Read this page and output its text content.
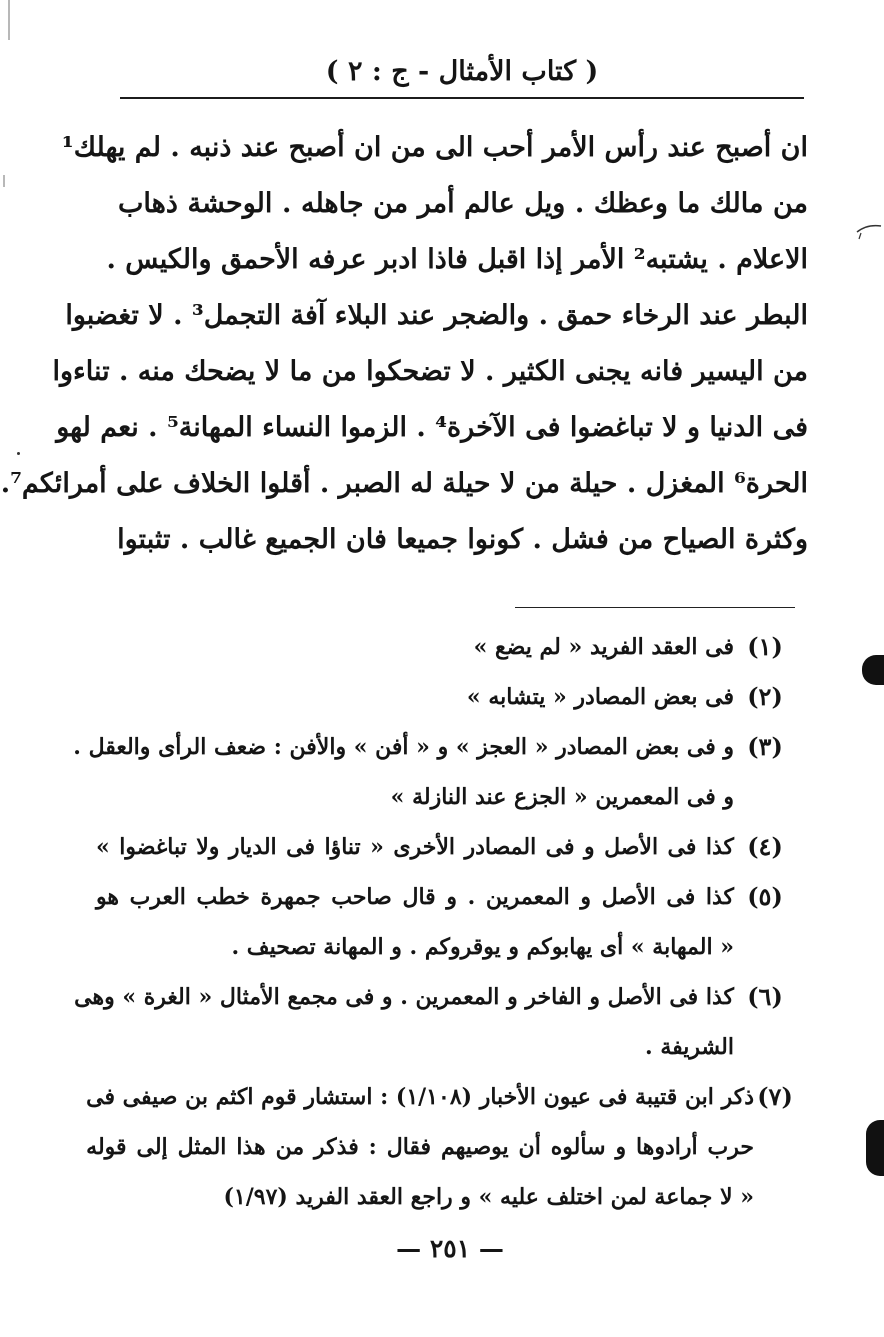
( كتاب الأمثال - ج : ٢ )
ان أصبح عند رأس الأمر أحب الى من ان أصبح عند ذنبه . لم يهلك¹
من مالك ما وعظك . ويل عالم أمر من جاهله . الوحشة ذهاب
الاعلام . يشتبه² الأمر إذا اقبل فاذا ادبر عرفه الأحمق والكيس .
البطر عند الرخاء حمق . والضجر عند البلاء آفة التجمل³ . لا تغضبوا
من اليسير فانه يجنى الكثير . لا تضحكوا من ما لا يضحك منه . تناءوا
فى الدنيا و لا تباغضوا فى الآخرة⁴ . الزموا النساء المهانة⁵ . نعم لهو
الحرة⁶ المغزل . حيلة من لا حيلة له الصبر . أقلوا الخلاف على أمرائكم⁷.
وكثرة الصياح من فشل . كونوا جميعا فان الجميع غالب . تثبتوا
(١)
فى العقد الفريد « لم يضع »
(٢)
فى بعض المصادر « يتشابه »
(٣)
و فى بعض المصادر « العجز » و « أفن » والأفن : ضعف الرأى والعقل .
و فى المعمرين « الجزع عند النازلة »
(٤)
كذا فى الأصل و فى المصادر الأخرى « تناؤا فى الديار ولا تباغضوا »
(٥)
كذا فى الأصل و المعمرين . و قال صاحب جمهرة خطب العرب هو
« المهابة » أى يهابوكم و يوقروكم . و المهانة تصحيف .
(٦)
كذا فى الأصل و الفاخر و المعمرين . و فى مجمع الأمثال « الغرة » وهى
الشريفة .
(٧)
ذكر ابن قتيبة فى عيون الأخبار (١/١٠٨) : استشار قوم اكثم بن صيفى فى
حرب أرادوها و سألوه أن يوصيهم فقال : فذكر من هذا المثل إلى قوله
« لا جماعة لمن اختلف عليه » و راجع العقد الفريد (١/٩٧)
— ٢٥١ —
